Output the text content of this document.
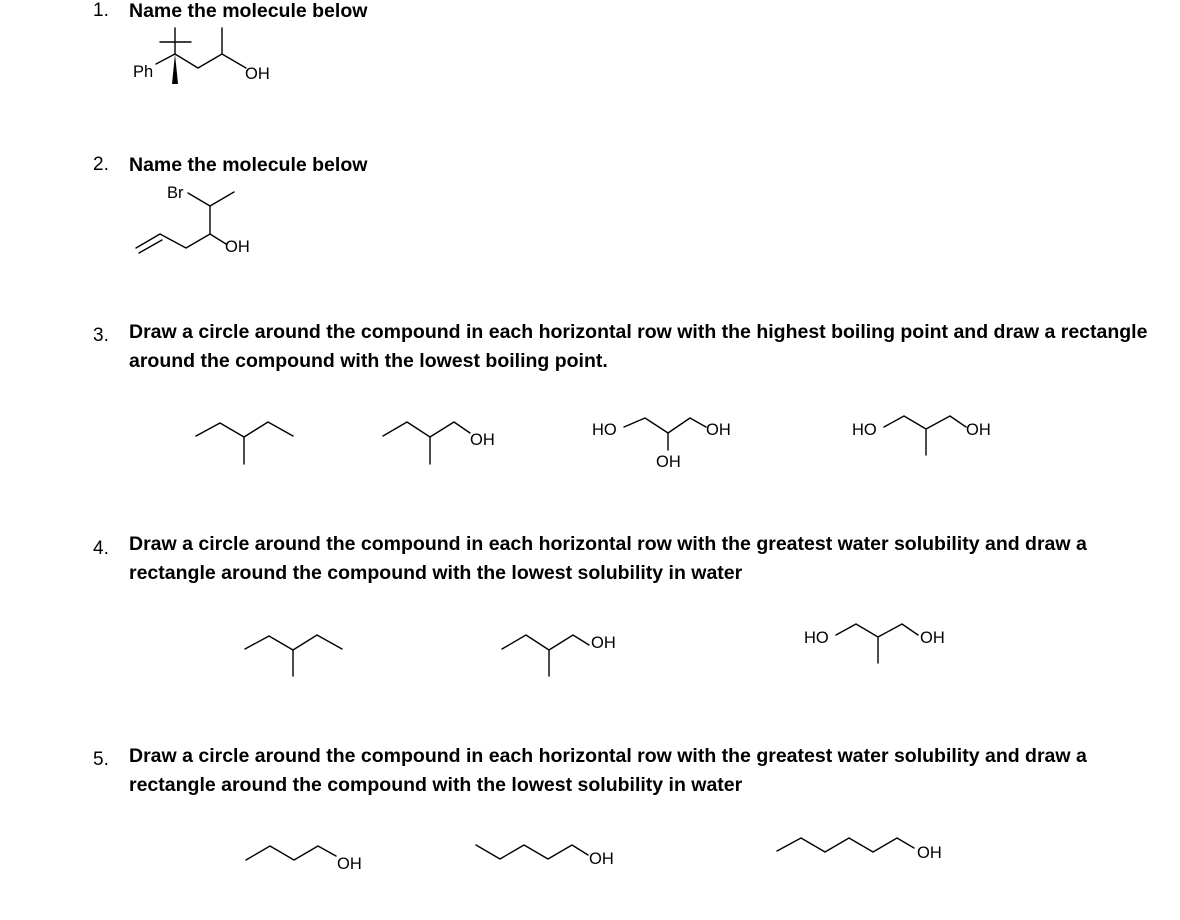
1. Name the molecule below
Ph	OH
2. Name the molecule below
Br
OH
3. Draw a circle around the compound in each horizontal row with the highest boiling point and draw a rectangle around the compound with the lowest boiling point.
OH
HO	OH
OH
HO	OH
4. Draw a circle around the compound in each horizontal row with the greatest water solubility and draw a rectangle around the compound with the lowest solubility in water
OH	HO	OH
5. Draw a circle around the compound in each horizontal row with the greatest water solubility and draw a rectangle around the compound with the lowest solubility in water
OH	OH	OH
